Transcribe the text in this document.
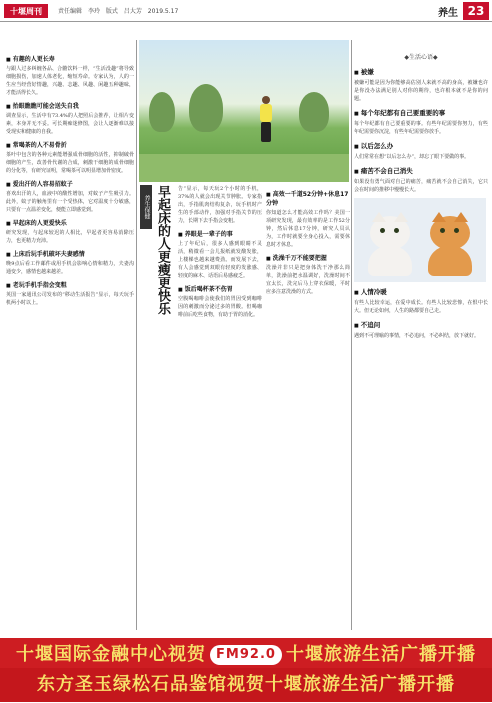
十堰周刊	责任编辑 李玲 版式 吕大芳 2019.5.17	养生 23
■ 有趣的人更长寿
与跟人过多纠缠各品、合髓饮料一样，“生活没趣”将导致细胞损伤，加速人体老化，缩短寿命。专家认为，人的一生应当经营好情趣，兴趣、志趣、风趣、闲趣五种趣味，才能活得长久。
■ 抬眼瞧瞧可能会送失自我
调查显示，生活中有73.4%的人把照后会推荐，让相片变素，本身并无不妥。可长期痴迷修图，会让人逐渐难以接受现实和健康的自我。
■ 常喝茶的人不易骨折
茶叶中包含的各种元素能增强成骨细胞的活性，抑制破骨细胞的产生，改善骨代谢的合成，刺激干细胞的成骨细胞的分化等，有研究证明，常喝茶可以明显增加骨密度。
■ 爱出汗的人容易招蚊子
喜欢出汗的人，血液中的酸性增加，对蚊子产生吸引力。此外，蚊子的触角里有一个受热体，它对温度十分敏感，只要有一点温差变化，便能立即感觉到。
■ 早起床的人更爱快乐
研究发现，与起床较迟的人相比，早起者更容易消除压力，也更精力充沛。
■ 上床后玩手机破坏夫妻感情
晚9点后看工作邮件或用手机会影响心情和精力，夫妻沟通变少，感情也越来越差。
■ 老玩手机手指会变粗
英国一家通讯公司发布的“移动生活报告”显示，每天玩手机两小时以上。
养生保健 早起床的人更瘦更快乐 告”显示，每天玩2个小时的手机，37%的人就会出现关节肿胀。专家指出，手指肌肉结构复杂，玩手机时产生的手部动作，加强对手指关节的压力，长期下去手指会变粗。
■ 养眼是一辈子的事
上了年纪后，很多人感到眼睛不灵活，稍微看一会儿报纸就发酸发胀，上楼梯也越来越费劲。而发展下去，有人会感觉到双眼有轻度的发涨感、轻度的麻木、话语后易感疲乏。
■ 饭后喝杯茶不伤胃
空腹喝咖啡会使我们的胃因受到咖啡因的刺激而分泌过多的胃酸。但喝咖啡前后吃些食物，有助于胃的消化。
■ 高效一千道52分钟+休息17分钟
你知道怎么才能高效工作吗？美国一项研究发现，最有效率的是工作52分钟，然后休息17分钟，研究人员认为，工作时就要全身心投入，需要休息时才休息。
■ 洗澡千万不能要把握
洗澡并非只是把身体洗干净那么简单，洗澡前把水温调好，洗澡时间不宜太长，洗完后马上穿衣保暖，平时应多注意洗澡的方式。
◆生活心语◆
■ 被嫌
被嫌可能是因为你能够高估别人来就不高的身高，被嫌也许是你没办法满足别人对你的期待，也许根本就不是你的问题。
■ 每个年纪都有自己要重要的事
每个年纪都有自己要重要的事。有些年纪需要你努力，有些年纪需要你沉淀，有些年纪需要你放手。
■ 以后怎么办
人们常常在想“以后怎么办”，却忘了眼下要做的事。
■ 痛苦不会自己消失
如果没有勇气面对自己的痛苦，痛苦就不会自己消失，它只会在时间的推移中慢慢长大。
■ 人情冷暖
有些人比较幸运，在爱中成长。有些人比较悲惨，在恨中长大。但无论如何，人生的路都要自己走。
■ 不追问
遇到不可理喻的事情，不必追问，不必纠结，放下就好。
十堰国际金融中心视贺 FM92.0 十堰旅游生活广播开播
东方圣玉绿松石品鉴馆视贺十堰旅游生活广播开播
